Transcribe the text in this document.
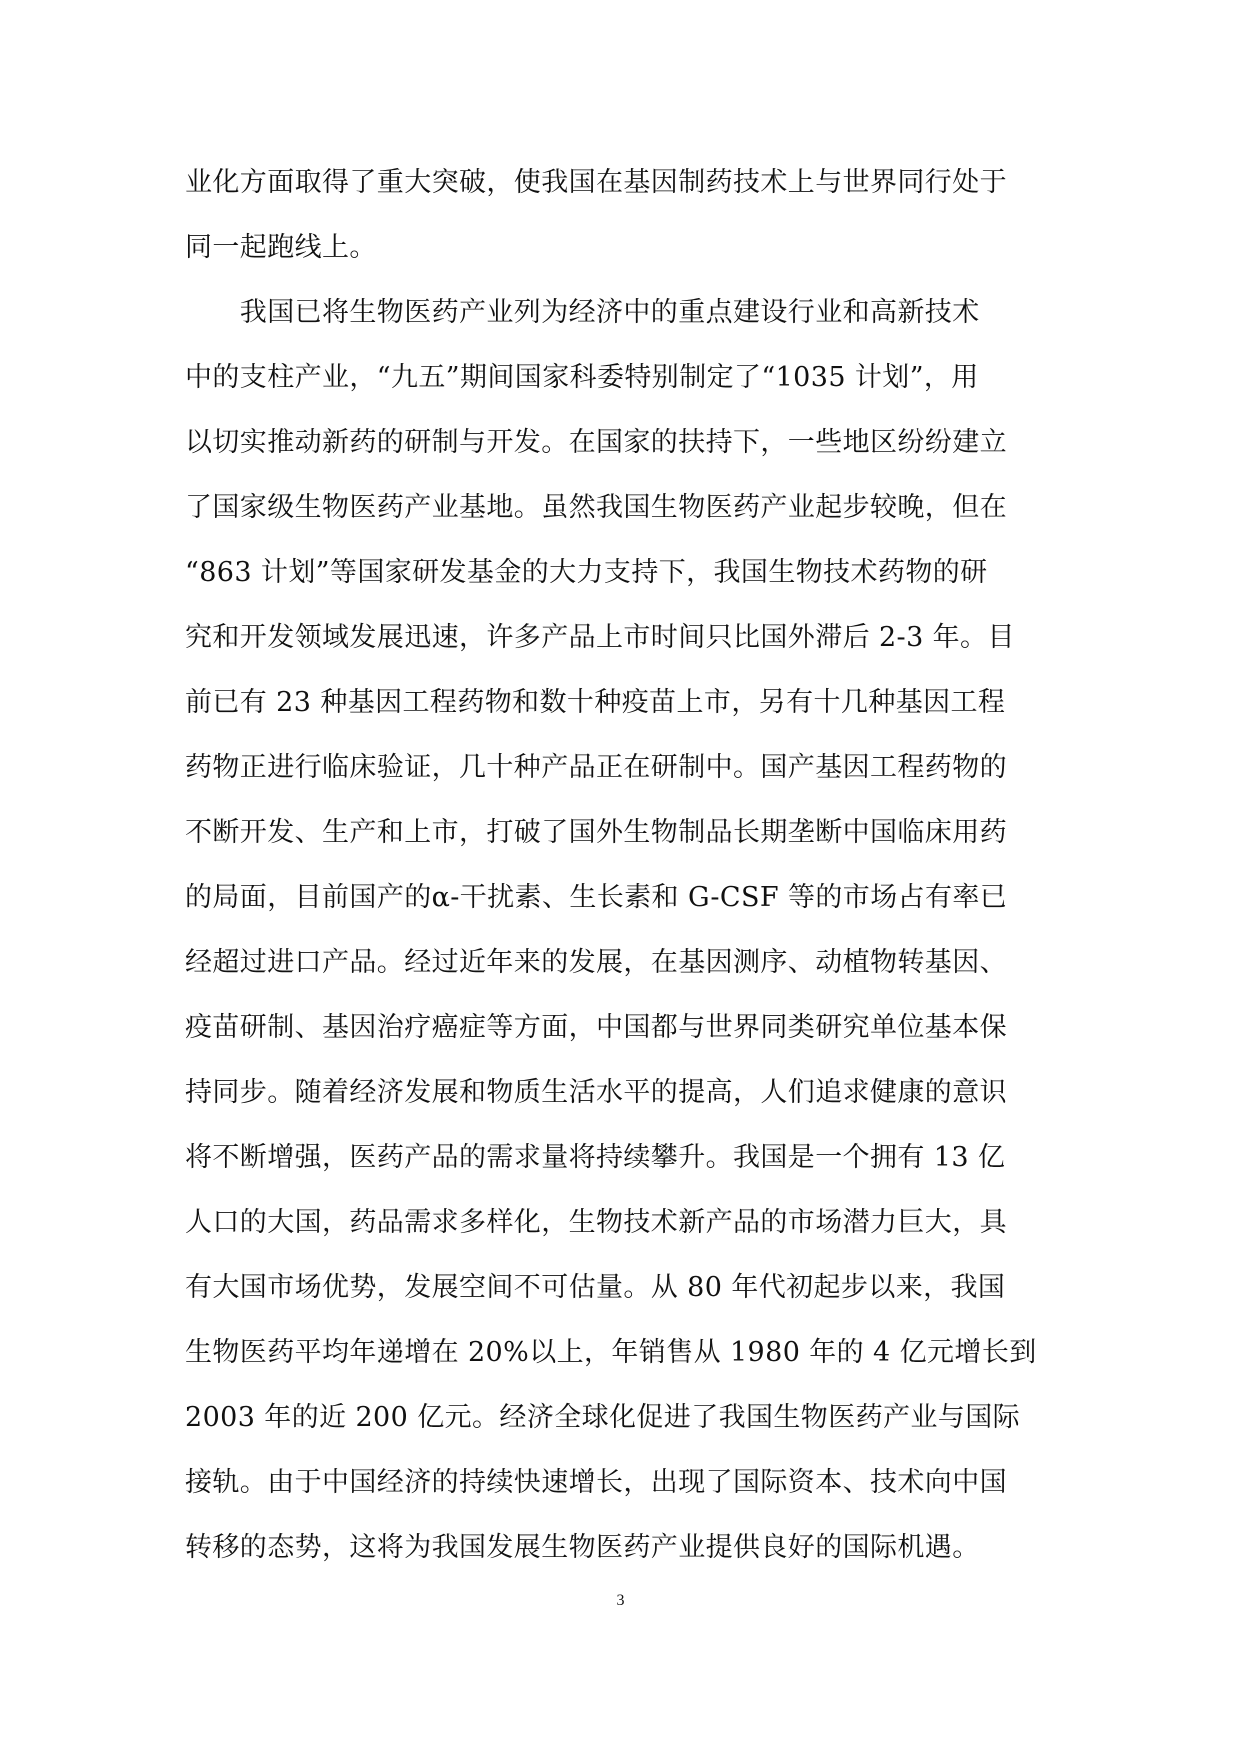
业化方面取得了重大突破，使我国在基因制药技术上与世界同行处于
同一起跑线上。
　　我国已将生物医药产业列为经济中的重点建设行业和高新技术
中的支柱产业，“九五”期间国家科委特别制定了“1035 计划”，用
以切实推动新药的研制与开发。在国家的扶持下，一些地区纷纷建立
了国家级生物医药产业基地。虽然我国生物医药产业起步较晚，但在
“863 计划”等国家研发基金的大力支持下，我国生物技术药物的研
究和开发领域发展迅速，许多产品上市时间只比国外滞后 2-3 年。目
前已有 23 种基因工程药物和数十种疫苗上市，另有十几种基因工程
药物正进行临床验证，几十种产品正在研制中。国产基因工程药物的
不断开发、生产和上市，打破了国外生物制品长期垄断中国临床用药
的局面，目前国产的α-干扰素、生长素和 G-CSF 等的市场占有率已
经超过进口产品。经过近年来的发展，在基因测序、动植物转基因、
疫苗研制、基因治疗癌症等方面，中国都与世界同类研究单位基本保
持同步。随着经济发展和物质生活水平的提高，人们追求健康的意识
将不断增强，医药产品的需求量将持续攀升。我国是一个拥有 13 亿
人口的大国，药品需求多样化，生物技术新产品的市场潜力巨大，具
有大国市场优势，发展空间不可估量。从 80 年代初起步以来，我国
生物医药平均年递增在 20%以上，年销售从 1980 年的 4 亿元增长到
2003 年的近 200 亿元。经济全球化促进了我国生物医药产业与国际
接轨。由于中国经济的持续快速增长，出现了国际资本、技术向中国
转移的态势，这将为我国发展生物医药产业提供良好的国际机遇。
3
